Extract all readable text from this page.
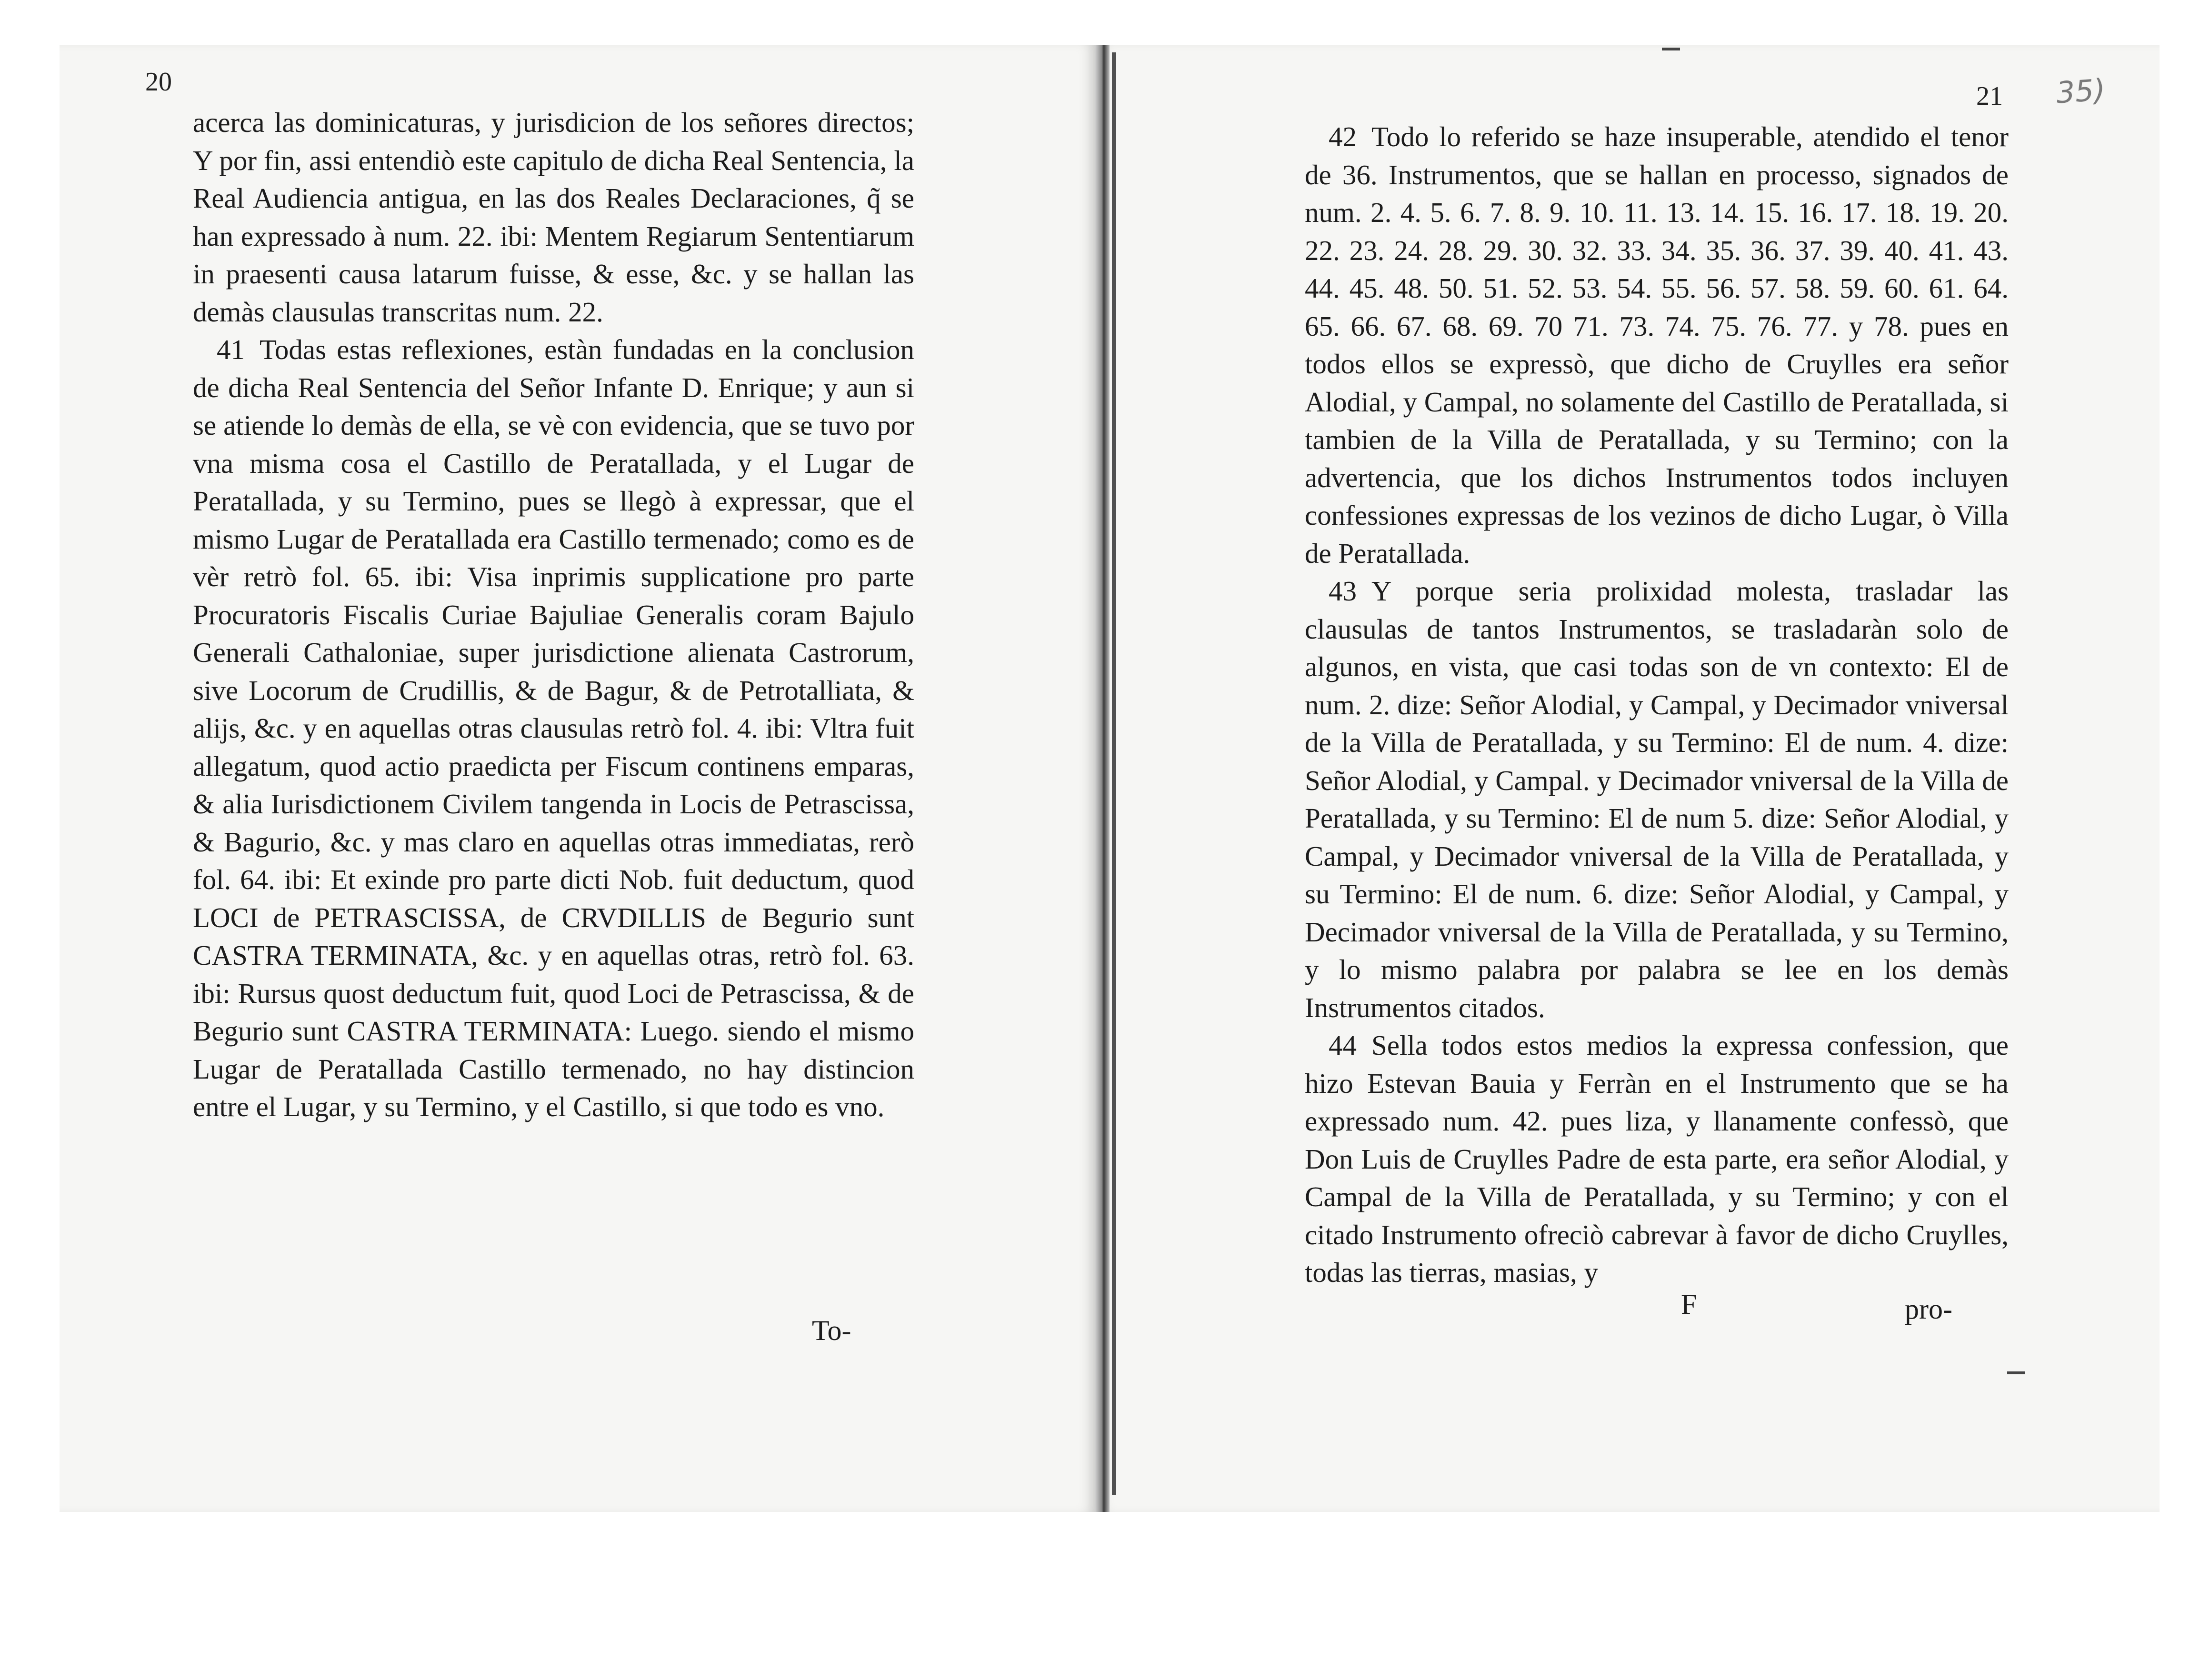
20

acerca las dominicaturas, y jurisdicion de los señores directos; Y por fin, assi entendiò este capitulo de dicha Real Sentencia, la Real Audiencia antigua, en las dos Reales Declaraciones, q̃ se han expressado à num. 22. ibi: Mentem Regiarum Sententiarum in praesenti causa latarum fuisse, & esse, &c. y se hallan las demàs clausulas transcritas num. 22.

41 Todas estas reflexiones, estàn fundadas en la conclusion de dicha Real Sentencia del Señor Infante D. Enrique; y aun si se atiende lo demàs de ella, se vè con evidencia, que se tuvo por vna misma cosa el Castillo de Peratallada, y el Lugar de Peratallada, y su Termino, pues se llegò à expressar, que el mismo Lugar de Peratallada era Castillo termenado; como es de vèr retrò fol. 65. ibi: Visa inprimis supplicatione pro parte Procuratoris Fiscalis Curiae Bajuliae Generalis coram Bajulo Generali Cathaloniae, super jurisdictione alienata Castrorum, sive Locorum de Crudillis, & de Bagur, & de Petrotalliata, & alijs, &c. y en aquellas otras clausulas retrò fol. 4. ibi: Vltra fuit allegatum, quod actio praedicta per Fiscum continens emparas, & alia Iurisdictionem Civilem tangenda in Locis de Petrascissa, & Bagurio, &c. y mas claro en aquellas otras immediatas, rerò fol. 64. ibi: Et exinde pro parte dicti Nob. fuit deductum, quod LOCI de PETRASCISSA, de CRVDILLIS de Begurio sunt CASTRA TERMINATA, &c. y en aquellas otras, retrò fol. 63. ibi: Rursus quost deductum fuit, quod Loci de Petrascissa, & de Begurio sunt CASTRA TERMINATA: Luego. siendo el mismo Lugar de Peratallada Castillo termenado, no hay distincion entre el Lugar, y su Termino, y el Castillo, si que todo es vno.

To-
21 35)

42 Todo lo referido se haze insuperable, atendido el tenor de 36. Instrumentos, que se hallan en processo, signados de num. 2. 4. 5. 6. 7. 8. 9. 10. 11. 13. 14. 15. 16. 17. 18. 19. 20. 22. 23. 24. 28. 29. 30. 32. 33. 34. 35. 36. 37. 39. 40. 41. 43. 44. 45. 48. 50. 51. 52. 53. 54. 55. 56. 57. 58. 59. 60. 61. 64. 65. 66. 67. 68. 69. 70 71. 73. 74. 75. 76. 77. y 78. pues en todos ellos se expressò, que dicho de Cruylles era señor Alodial, y Campal, no solamente del Castillo de Peratallada, si tambien de la Villa de Peratallada, y su Termino; con la advertencia, que los dichos Instrumentos todos incluyen confessiones expressas de los vezinos de dicho Lugar, ò Villa de Peratallada.

43 Y porque seria prolixidad molesta, trasladar las clausulas de tantos Instrumentos, se trasladaràn solo de algunos, en vista, que casi todas son de vn contexto: El de num. 2. dize: Señor Alodial, y Campal, y Decimador vniversal de la Villa de Peratallada, y su Termino: El de num. 4. dize: Señor Alodial, y Campal. y Decimador vniversal de la Villa de Peratallada, y su Termino: El de num 5. dize: Señor Alodial, y Campal, y Decimador vniversal de la Villa de Peratallada, y su Termino: El de num. 6. dize: Señor Alodial, y Campal, y Decimador vniversal de la Villa de Peratallada, y su Termino, y lo mismo palabra por palabra se lee en los demàs Instrumentos citados.

44 Sella todos estos medios la expressa confession, que hizo Estevan Bauia y Ferràn en el Instrumento que se ha expressado num. 42. pues liza, y llanamente confessò, que Don Luis de Cruylles Padre de esta parte, era señor Alodial, y Campal de la Villa de Peratallada, y su Termino; y con el citado Instrumento ofreciò cabrevar à favor de dicho Cruylles, todas las tierras, masias, y

F	pro-
